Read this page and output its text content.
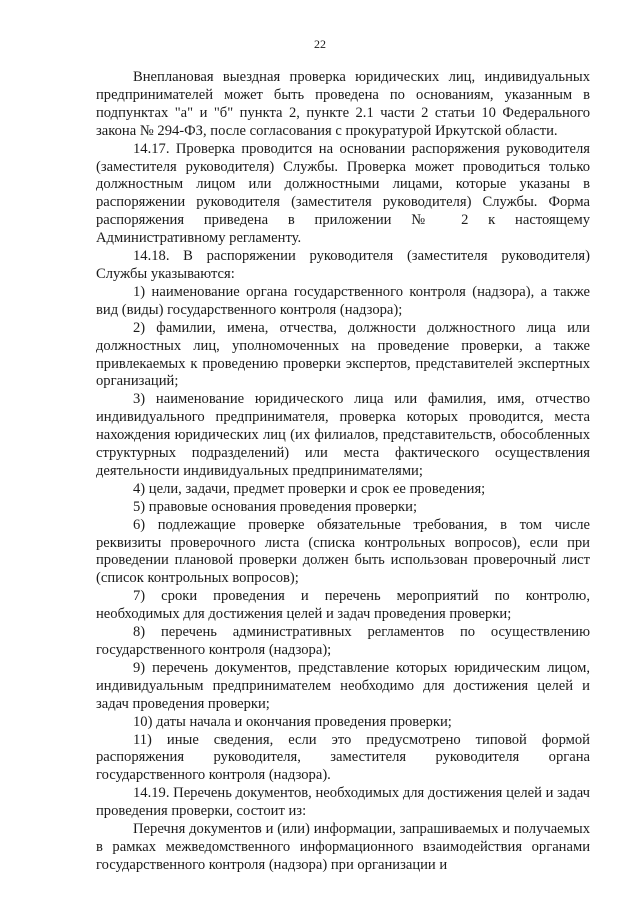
22

Внеплановая выездная проверка юридических лиц, индивидуальных предпринимателей может быть проведена по основаниям, указанным в подпунктах "а" и "б" пункта 2, пункте 2.1 части 2 статьи 10 Федерального закона № 294-ФЗ, после согласования с прокуратурой Иркутской области.

14.17. Проверка проводится на основании распоряжения руководителя (заместителя руководителя) Службы. Проверка может проводиться только должностным лицом или должностными лицами, которые указаны в распоряжении руководителя (заместителя руководителя) Службы. Форма распоряжения приведена в приложении № 2 к настоящему Административному регламенту.

14.18. В распоряжении руководителя (заместителя руководителя) Службы указываются:

1) наименование органа государственного контроля (надзора), а также вид (виды) государственного контроля (надзора);

2) фамилии, имена, отчества, должности должностного лица или должностных лиц, уполномоченных на проведение проверки, а также привлекаемых к проведению проверки экспертов, представителей экспертных организаций;

3) наименование юридического лица или фамилия, имя, отчество индивидуального предпринимателя, проверка которых проводится, места нахождения юридических лиц (их филиалов, представительств, обособленных структурных подразделений) или места фактического осуществления деятельности индивидуальных предпринимателями;

4) цели, задачи, предмет проверки и срок ее проведения;

5) правовые основания проведения проверки;

6) подлежащие проверке обязательные требования, в том числе реквизиты проверочного листа (списка контрольных вопросов), если при проведении плановой проверки должен быть использован проверочный лист (список контрольных вопросов);

7) сроки проведения и перечень мероприятий по контролю, необходимых для достижения целей и задач проведения проверки;

8) перечень административных регламентов по осуществлению государственного контроля (надзора);

9) перечень документов, представление которых юридическим лицом, индивидуальным предпринимателем необходимо для достижения целей и задач проведения проверки;

10) даты начала и окончания проведения проверки;

11) иные сведения, если это предусмотрено типовой формой распоряжения руководителя, заместителя руководителя органа государственного контроля (надзора).

14.19. Перечень документов, необходимых для достижения целей и задач проведения проверки, состоит из:

Перечня документов и (или) информации, запрашиваемых и получаемых в рамках межведомственного информационного взаимодействия органами государственного контроля (надзора) при организации и
